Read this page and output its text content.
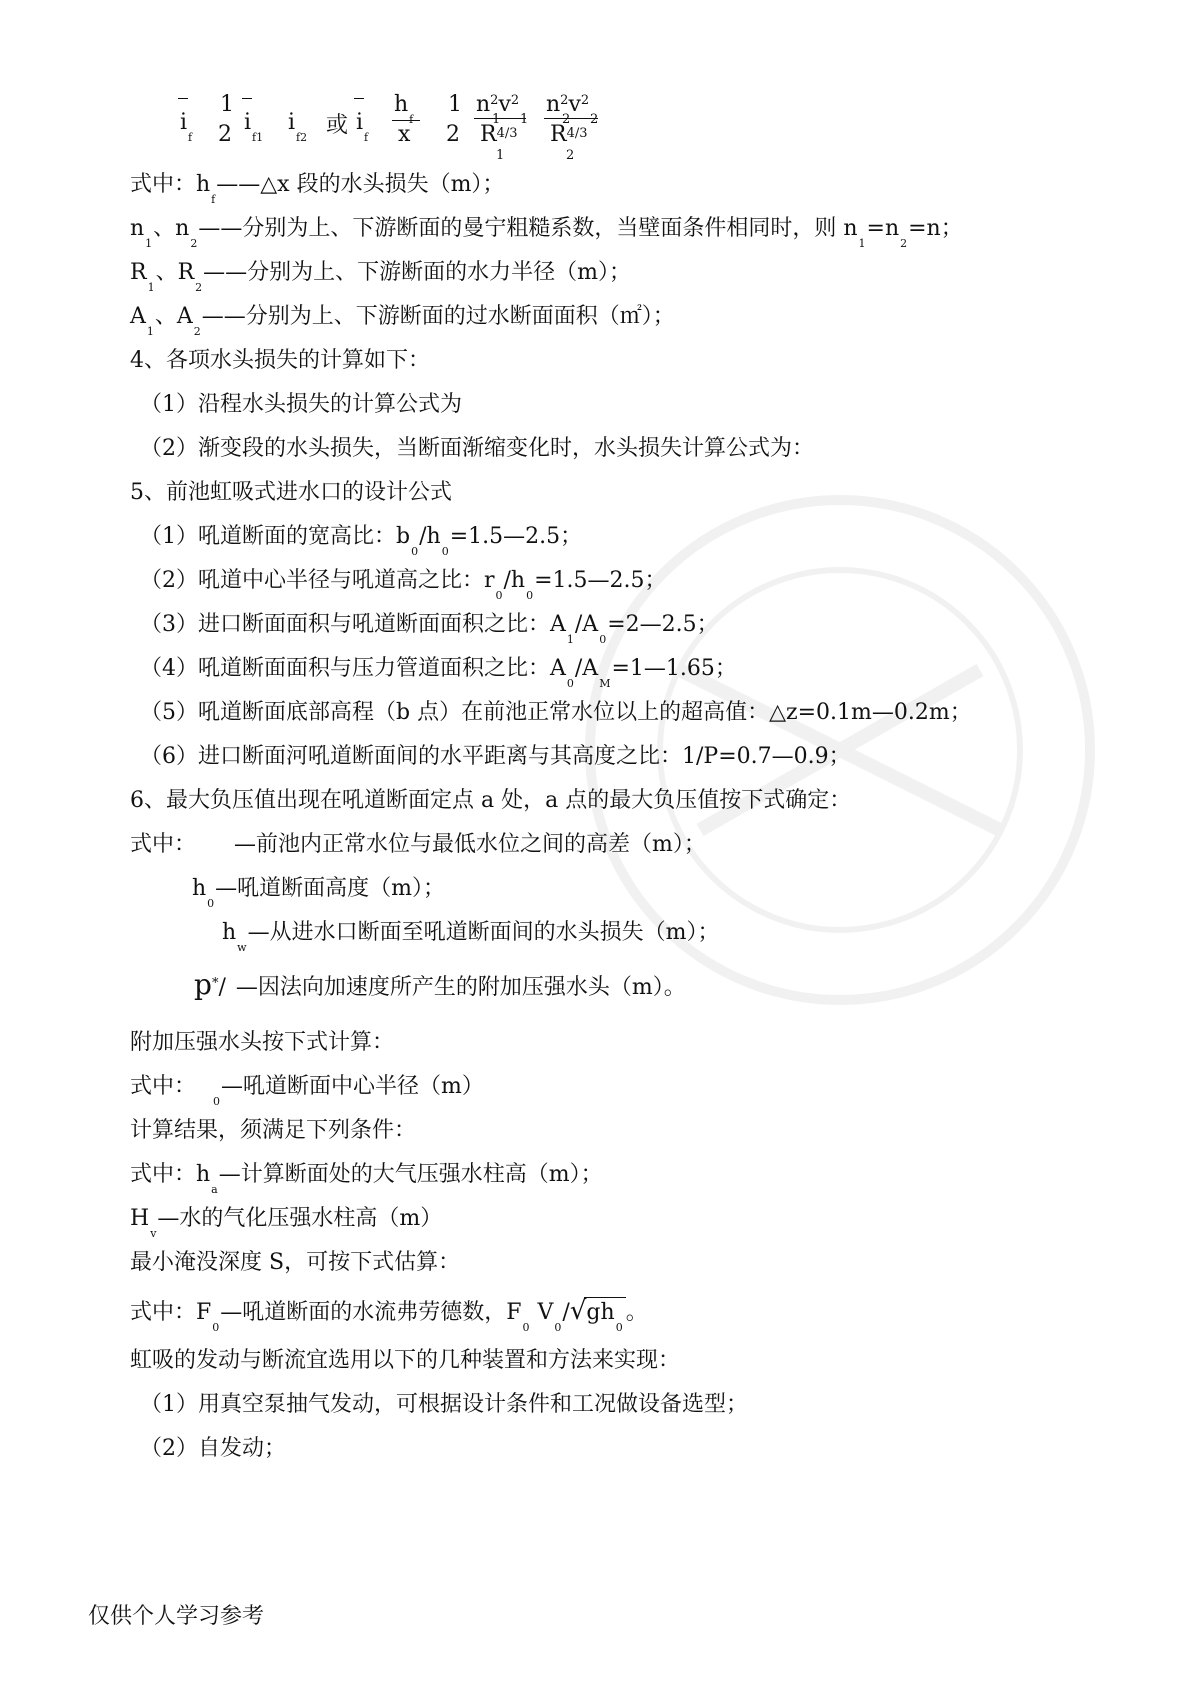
$i_f$
1
2 $i_{f1}$
$i_{f2}$ 或 $i_f$
$h_f$
x
1
2
$n^2v^2$
1 1
R4/3
1
$n^2v^2$
2 2
R4/3
2
式中：$h_f——\triangle x$ 段的水头损失（m）；
$n_1$、$n_2——$分别为上、下游断面的曼宁粗糙系数，当壁面条件相同时，则 $n_1=n_2=n$；
$R_1$、$R_2——$分别为上、下游断面的水力半径（m）；
$A_1$、$A_2——$分别为上、下游断面的过水断面面积（㎡）；
4、各项水头损失的计算如下：
（1）沿程水头损失的计算公式为
（2）渐变段的水头损失，当断面渐缩变化时，水头损失计算公式为：
5、前池虹吸式进水口的设计公式
（1）吼道断面的宽高比：$b_0/h_0=1.5—2.5$；
（2）吼道中心半径与吼道高之比：$r_0/h_0=1.5—2.5$；
（3）进口断面面积与吼道断面面积之比：$A_1/A_0=2—2.5$；
（4）吼道断面面积与压力管道面积之比：$A_0/A_M=1—1.65$；
（5）吼道断面底部高程（b 点）在前池正常水位以上的超高值：△z=0.1m—0.2m；
（6）进口断面河吼道断面间的水平距离与其高度之比：1/P=0.7—0.9；
6、最大负压值出现在吼道断面定点 a 处，a 点的最大负压值按下式确定：
式中： —前池内正常水位与最低水位之间的高差（m）；
$h_0—$吼道断面高度（m）；
$h_w—$从进水口断面至吼道断面间的水头损失（m）；
p*/ —因法向加速度所产生的附加压强水头（m）。
附加压强水头按下式计算：
式中：$_0$—吼道断面中心半径（m）
计算结果，须满足下列条件：
式中：$h_a—$计算断面处的大气压强水柱高（m）；
$H_v—$水的气化压强水柱高（m）
最小淹没深度 S，可按下式估算：
式中：$F_0—$吼道断面的水流弗劳德数，$F_0$ $V_0/√gh_0$。
虹吸的发动与断流宜选用以下的几种装置和方法来实现：
（1）用真空泵抽气发动，可根据设计条件和工况做设备选型；
（2）自发动；
仅供个人学习参考
